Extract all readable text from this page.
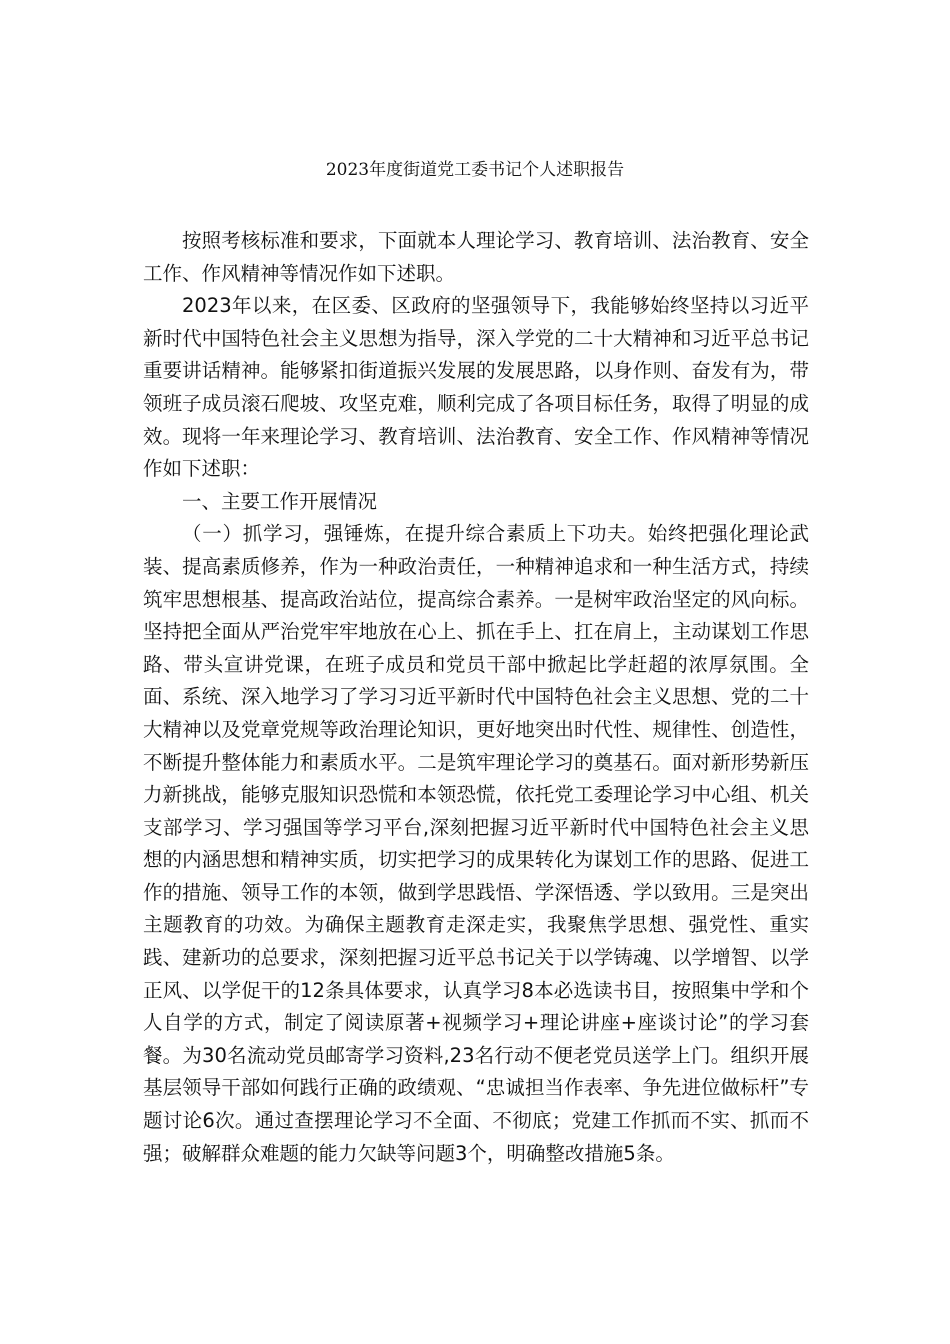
2023年度街道党工委书记个人述职报告

按照考核标准和要求，下面就本人理论学习、教育培训、法治教育、安全工作、作风精神等情况作如下述职。

2023年以来，在区委、区政府的坚强领导下，我能够始终坚持以习近平新时代中国特色社会主义思想为指导，深入学党的二十大精神和习近平总书记重要讲话精神。能够紧扣街道振兴发展的发展思路，以身作则、奋发有为，带领班子成员滚石爬坡、攻坚克难，顺利完成了各项目标任务，取得了明显的成效。现将一年来理论学习、教育培训、法治教育、安全工作、作风精神等情况作如下述职：

一、主要工作开展情况

（一）抓学习，强锤炼，在提升综合素质上下功夫。始终把强化理论武装、提高素质修养，作为一种政治责任，一种精神追求和一种生活方式，持续筑牢思想根基、提高政治站位，提高综合素养。一是树牢政治坚定的风向标。坚持把全面从严治党牢牢地放在心上、抓在手上、扛在肩上，主动谋划工作思路、带头宣讲党课，在班子成员和党员干部中掀起比学赶超的浓厚氛围。全面、系统、深入地学习了学习习近平新时代中国特色社会主义思想、党的二十大精神以及党章党规等政治理论知识，更好地突出时代性、规律性、创造性，不断提升整体能力和素质水平。二是筑牢理论学习的奠基石。面对新形势新压力新挑战，能够克服知识恐慌和本领恐慌，依托党工委理论学习中心组、机关支部学习、学习强国等学习平台,深刻把握习近平新时代中国特色社会主义思想的内涵思想和精神实质，切实把学习的成果转化为谋划工作的思路、促进工作的措施、领导工作的本领，做到学思践悟、学深悟透、学以致用。三是突出主题教育的功效。为确保主题教育走深走实，我聚焦学思想、强党性、重实践、建新功的总要求，深刻把握习近平总书记关于以学铸魂、以学增智、以学正风、以学促干的12条具体要求，认真学习8本必选读书目，按照集中学和个人自学的方式，制定了阅读原著+视频学习+理论讲座+座谈讨论”的学习套餐。为30名流动党员邮寄学习资料,23名行动不便老党员送学上门。组织开展基层领导干部如何践行正确的政绩观、“忠诚担当作表率、争先进位做标杆”专题讨论6次。通过查摆理论学习不全面、不彻底；党建工作抓而不实、抓而不强；破解群众难题的能力欠缺等问题3个，明确整改措施5条。
